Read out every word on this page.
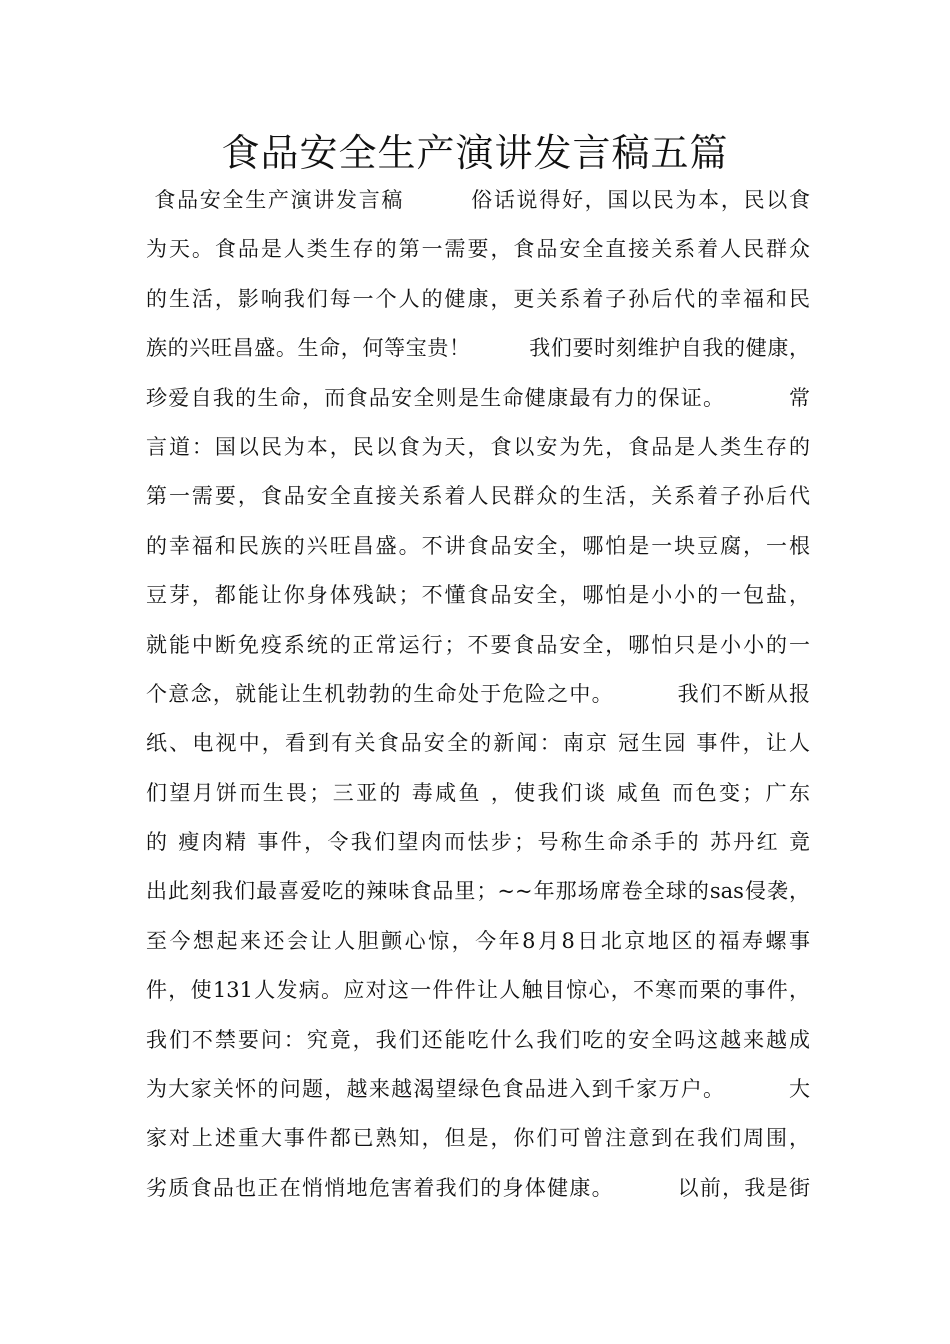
食品安全生产演讲发言稿五篇
食品安全生产演讲发言稿        俗话说得好，国以民为本，民以食
为天。食品是人类生存的第一需要，食品安全直接关系着人民群众
的生活，影响我们每一个人的健康，更关系着子孙后代的幸福和民
族的兴旺昌盛。生命，何等宝贵！        我们要时刻维护自我的健康，
珍爱自我的生命，而食品安全则是生命健康最有力的保证。        常
言道：国以民为本，民以食为天，食以安为先，食品是人类生存的
第一需要，食品安全直接关系着人民群众的生活，关系着子孙后代
的幸福和民族的兴旺昌盛。不讲食品安全，哪怕是一块豆腐，一根
豆芽，都能让你身体残缺；不懂食品安全，哪怕是小小的一包盐，
就能中断免疫系统的正常运行；不要食品安全，哪怕只是小小的一
个意念，就能让生机勃勃的生命处于危险之中。        我们不断从报
纸、电视中，看到有关食品安全的新闻：南京 冠生园 事件，让人
们望月饼而生畏；三亚的 毒咸鱼 ，使我们谈 咸鱼 而色变；广东
的 瘦肉精 事件，令我们望肉而怯步；号称生命杀手的 苏丹红 竟
出此刻我们最喜爱吃的辣味食品里；~~年那场席卷全球的sas侵袭，
至今想起来还会让人胆颤心惊，今年8月8日北京地区的福寿螺事
件，使131人发病。应对这一件件让人触目惊心，不寒而栗的事件，
我们不禁要问：究竟，我们还能吃什么我们吃的安全吗这越来越成
为大家关怀的问题，越来越渴望绿色食品进入到千家万户。        大
家对上述重大事件都已熟知，但是，你们可曾注意到在我们周围，
劣质食品也正在悄悄地危害着我们的身体健康。        以前，我是街
